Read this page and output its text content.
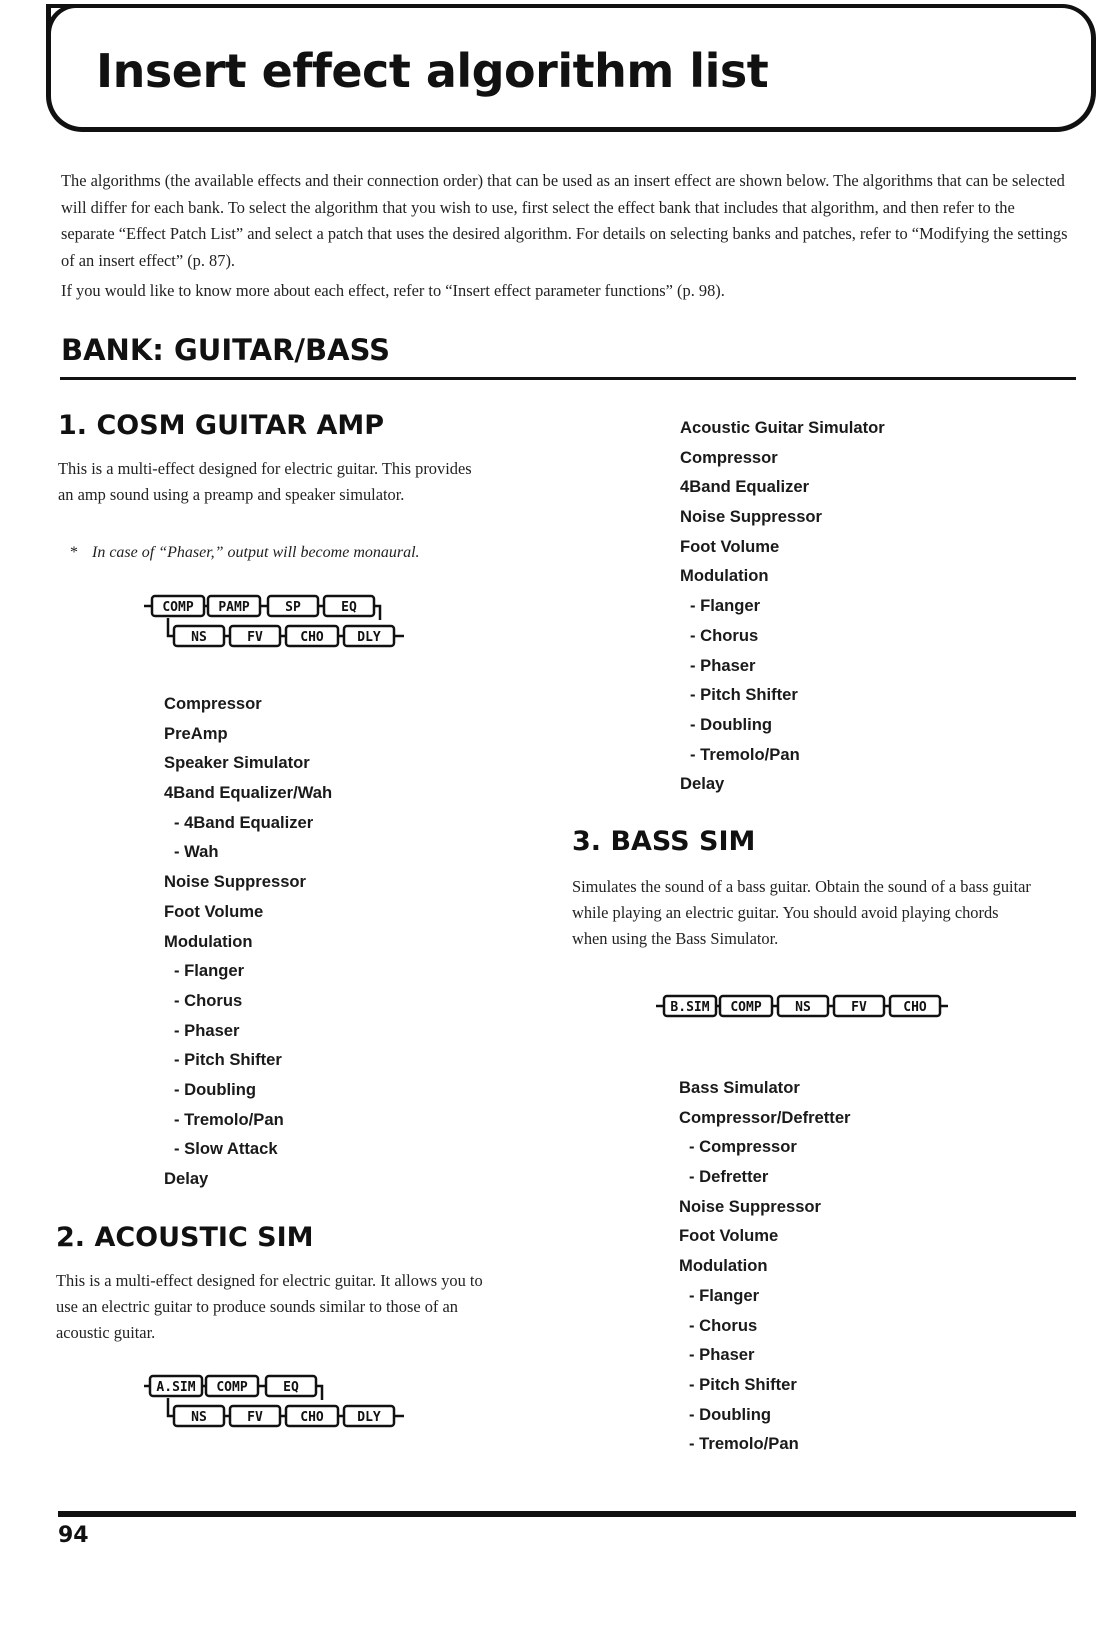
Insert effect algorithm list

The algorithms (the available effects and their connection order) that can be used as an insert effect are shown below. The algorithms that can be selected will differ for each bank. To select the algorithm that you wish to use, first select the effect bank that includes that algorithm, and then refer to the separate “Effect Patch List” and select a patch that uses the desired algorithm. For details on selecting banks and patches, refer to “Modifying the settings of an insert effect” (p. 87).

If you would like to know more about each effect, refer to “Insert effect parameter functions” (p. 98).

BANK: GUITAR/BASS
1. COSM GUITAR AMP

This is a multi-effect designed for electric guitar. This provides an amp sound using a preamp and speaker simulator.

* In case of “Phaser,” output will become monaural.

COMP PAMP	SP	EQ
NS	FV	CHO	DLY
Compressor
PreAmp
Speaker Simulator
4Band Equalizer/Wah
- 4Band Equalizer
- Wah
Noise Suppressor
Foot Volume
Modulation
- Flanger
- Chorus
- Phaser
- Pitch Shifter
- Doubling
- Tremolo/Pan
- Slow Attack
Delay
2. ACOUSTIC SIM

This is a multi-effect designed for electric guitar. It allows you to use an electric guitar to produce sounds similar to those of an acoustic guitar.

A.SIM COMP	EQ
NS	FV	CHO	DLY
Acoustic Guitar Simulator
Compressor
4Band Equalizer
Noise Suppressor
Foot Volume
Modulation
- Flanger
- Chorus
- Phaser
- Pitch Shifter
- Doubling
- Tremolo/Pan
Delay
3. BASS SIM

Simulates the sound of a bass guitar. Obtain the sound of a bass guitar while playing an electric guitar. You should avoid playing chords when using the Bass Simulator.

B.SIM COMP	NS	FV	CHO
Bass Simulator
Compressor/Defretter
- Compressor
- Defretter
Noise Suppressor
Foot Volume
Modulation
- Flanger
- Chorus
- Phaser
- Pitch Shifter
- Doubling
- Tremolo/Pan
94
